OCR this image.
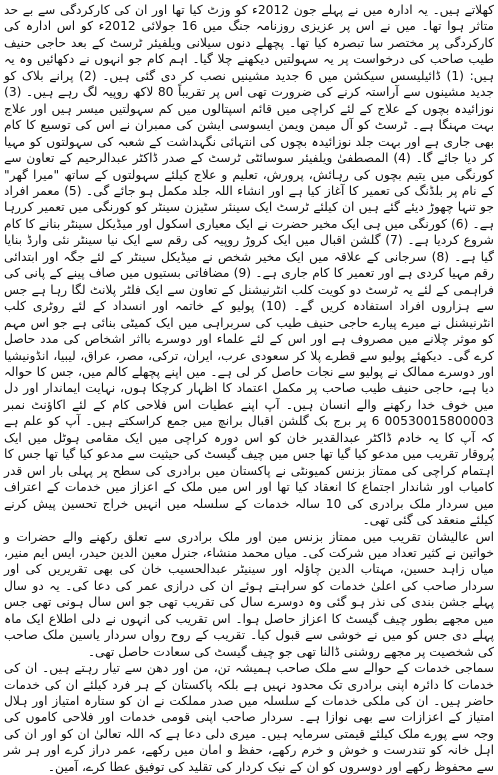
کھلاتے ہیں۔ یہ ادارہ میں نے پہلے جون 2012ء کو وزٹ کیا تھا اور ان کی کارکردگی سے بے حد متاثر ہوا تھا۔ میں نے اس پر عزیزی روزنامہ جنگ میں 16 جولائی 2012ء کو اس ادارہ کی کارکردگی پر مختصر سا تبصرہ کیا تھا۔ پچھلے دنوں سیلانی ویلفیئر ٹرسٹ کے بعد حاجی حنیف طیب صاحب کی درخواست پر یہ سہولتیں دیکھنے چلا گیا۔ اہم کام جو انہوں نے دکھائیں وہ یہ ہیں: (1) ڈائیلیسس سیکشن میں 6 جدید مشینیں نصب کر دی گئی ہیں۔ (2) پرانے بلاک کو جدید مشینوں سے آراستہ کرنے کی ضرورت تھی اس پر تقریباً 80 لاکھ روپیہ لگ رہے ہیں۔ (3) نوزائیدہ بچوں کے علاج کے لئے کراچی میں قائم اسپتالوں میں کم سہولتیں میسر ہیں اور علاج بہت مہنگا ہے۔ ٹرسٹ کو آل میمن ویمن ایسوسی ایشن کی ممبران نے اس کی توسیع کا کام بھی جاری ہے اور بہت جلد نوزائیدہ بچوں کی انتہائی نگہداشت کے شعبہ کی سہولتوں کو مہیا کر دیا جائے گا۔ (4) المصطفیٰ ویلفیئر سوسائٹی ٹرسٹ کے صدر ڈاکٹر عبدالرحیم کے تعاون سے کورنگی میں یتیم بچوں کی رہائش، پرورش، تعلیم و علاج کیلئے سہولتوں کے ساتھ "میرا گھر" کے نام پر بلڈنگ کی تعمیر کا آغاز کیا ہے اور انشاء اللہ جلد مکمل ہو جائے گی۔ (5) معمر افراد جو تنہا چھوڑ دیئے گئے ہیں ان کیلئے ٹرسٹ ایک سینئر سٹیزن سینٹر کو کورنگی میں تعمیر کررہا ہے۔ (6) کورنگی میں ہی ایک مخیر حضرت نے ایک معیاری اسکول اور میڈیکل سینٹر بنانے کا کام شروع کردیا ہے۔ (7) گلشن اقبال میں ایک کروڑ روپیہ کی رقم سے ایک نیا سینٹر نئی وارڈ بنایا گیا ہے۔ (8) سرجانی کے علاقہ میں ایک مخیر شخص نے میڈیکل سینٹر کے لئے جگہ اور ابتدائی رقم مہیا کردی ہے اور تعمیر کا کام جاری ہے۔ (9) مضافاتی بستیوں میں صاف پینے کے پانی کی فراہمی کے لئے یہ ٹرسٹ دو کویت کلب انٹرنیشنل کے تعاون سے ایک فلٹر پلانٹ لگا رہا ہے جس سے ہزاروں افراد استفادہ کریں گے۔ (10) پولیو کے خاتمہ اور انسداد کے لئے روٹری کلب انٹرنیشنل نے میرے پیارے حاجی حنیف طیب کی سربراہی میں ایک کمیٹی بنائی ہے جو اس مہم کو موثر چلانے میں مصروف ہے اور اس کے لئے علماء اور دوسرے بااثر اشخاص کی مدد حاصل کرے گی۔ دیکھئے پولیو سے قطرے پلا کر سعودی عرب، ایران، ترکی، مصر، عراق، لیبیا، انڈونیشیا اور دوسرے ممالک نے پولیو سے نجات حاصل کر لی ہے۔ میں اپنے پچھلے کالم میں، جس کا حوالہ دیا ہے، حاجی حنیف طیب صاحب پر مکمل اعتماد کا اظہار کرچکا ہوں، نہایت ایماندار اور دل میں خوف خدا رکھنے والے انسان ہیں۔ آپ اپنے عطیات اس فلاحی کام کے لئے اکاؤنٹ نمبر 00530015800003 6 پر برج بک گلشن اقبال برانچ میں جمع کراسکتے ہیں۔ آپ کو علم ہے کہ آپ کا یہ خادم ڈاکٹر عبدالقدیر خان کو اس دورہ کراچی میں ایک مقامی ہوٹل میں ایک پُروقار تقریب میں مدعو کیا گیا تھا جس میں چیف گیسٹ کی حیثیت سے مدعو کیا گیا تھا جس کا اہتمام کراچی کی ممتاز بزنس کمیونٹی نے پاکستان میں برادری کی سطح پر پہلی بار اس قدر کامیاب اور شاندار اجتماع کا انعقاد کیا تھا اور اس میں ملک کے اعزاز میں خدمات کے اعتراف میں سردار ملک برادری کی 10 سالہ خدمات کے سلسلہ میں انہیں خراج تحسین پیش کرنے کیلئے منعقد کی گئی تھی۔

اس عالیشان تقریب میں ممتاز بزنس مین اور ملک برادری سے تعلق رکھنے والے حضرات و خواتین نے کثیر تعداد میں شرکت کی۔ میاں محمد منشاء، جنرل معین الدین حیدر، ایس ایم منیر، میاں زاہد حسین، مہتاب الدین چاؤلہ اور سینیٹر عبدالحسیب خان کی بھی تقریریں کی اور سردار صاحب کی اعلیٰ خدمات کو سراہتے ہوئے ان کی درازی عمر کی دعا کی۔ یہ دو سال پہلے جشن بندی کی نذر ہو گئی وہ دوسرے سال کی تقریب تھی جو اس سال ہونی تھی جس میں مجھے بطور چیف گیسٹ کا اعزاز حاصل ہوا۔ اس تقریب کی انہوں نے دلی اطلاع ایک ماہ پہلے دی جس کو میں نے خوشی سے قبول کیا۔ تقریب کے روح رواں سردار یاسین ملک صاحب کی شخصیت پر مجھے روشنی ڈالنا تھی جو چیف گیسٹ کی سعادت حاصل تھی۔

سماجی خدمات کے حوالے سے ملک صاحب ہمیشہ تن، من اور دھن سے تیار رہتے ہیں۔ ان کی خدمات کا دائرہ اپنی برادری تک محدود نہیں ہے بلکہ پاکستان کے ہر فرد کیلئے ان کی خدمات حاضر ہیں۔ ان کی ملکی خدمات کے سلسلہ میں صدر مملکت نے ان کو ستارہ امتیاز اور ہلال امتیاز کے اعزازات سے بھی نوازا ہے۔ سردار صاحب اپنی قومی خدمات اور فلاحی کاموں کی وجہ سے پورے ملک کیلئے قیمتی سرمایہ ہیں۔ میری دلی دعا ہے کہ اللہ تعالیٰ ان کو اور ان کی اہل خانہ کو تندرست و خوش و خرم رکھے، حفظ و امان میں رکھے، عمر دراز کرے اور ہر شر سے محفوظ رکھے اور دوسروں کو ان کے نیک کردار کی تقلید کی توفیق عطا کرے، آمین۔
